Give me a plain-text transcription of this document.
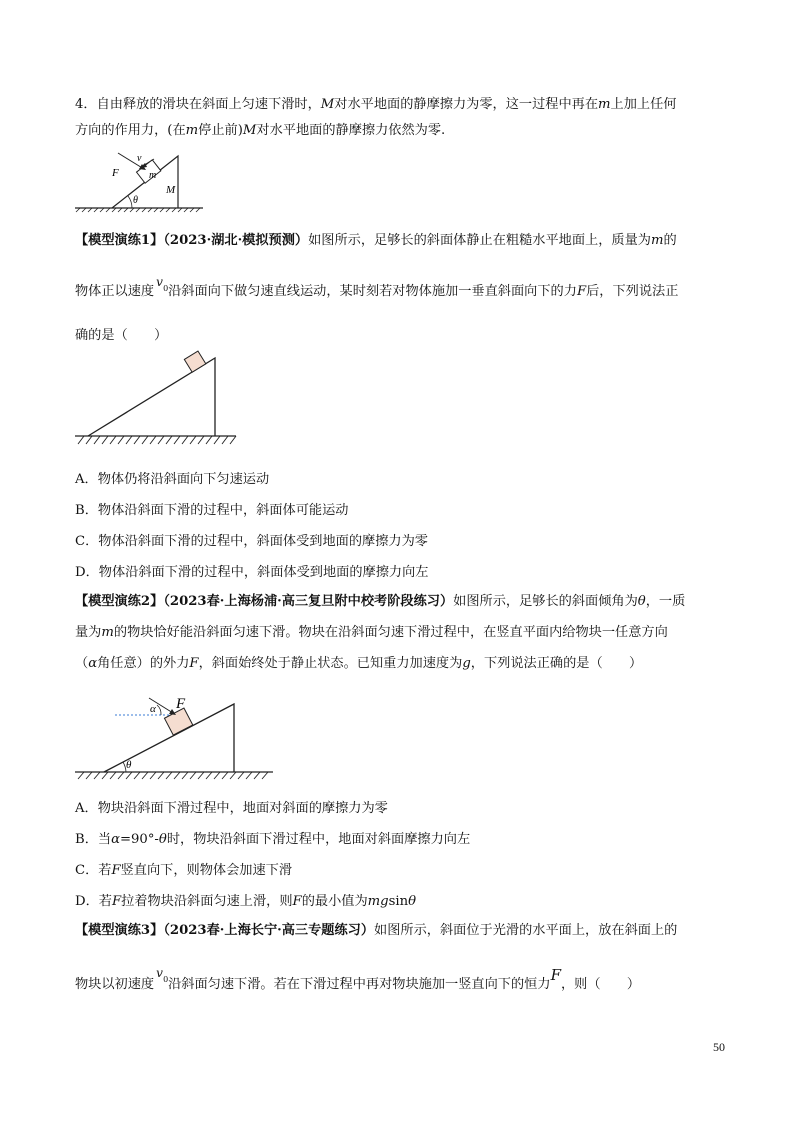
4．自由释放的滑块在斜面上匀速下滑时，M对水平地面的静摩擦力为零，这一过程中再在m上加上任何
方向的作用力，(在m停止前)M对水平地面的静摩擦力依然为零.
F
v
m
M
θ
【模型演练1】（2023·湖北·模拟预测）如图所示，足够长的斜面体静止在粗糙水平地面上，质量为m的
物体正以速度
v 0 沿斜面向下做匀速直线运动，某时刻若对物体施加一垂直斜面向下的力F后，下列说法正
确的是（　　）
A．物体仍将沿斜面向下匀速运动
B．物体沿斜面下滑的过程中，斜面体可能运动
C．物体沿斜面下滑的过程中，斜面体受到地面的摩擦力为零
D．物体沿斜面下滑的过程中，斜面体受到地面的摩擦力向左
【模型演练2】（2023春·上海杨浦·高三复旦附中校考阶段练习）如图所示，足够长的斜面倾角为θ，一质
量为m的物块恰好能沿斜面匀速下滑。物块在沿斜面匀速下滑过程中，在竖直平面内给物块一任意方向
（α角任意）的外力F，斜面始终处于静止状态。已知重力加速度为g，下列说法正确的是（　　）
F
α
θ
A．物块沿斜面下滑过程中，地面对斜面的摩擦力为零
B．当α=90°-θ时，物块沿斜面下滑过程中，地面对斜面摩擦力向左
C．若F竖直向下，则物体会加速下滑
D．若F拉着物块沿斜面匀速上滑，则F的最小值为mgsinθ
【模型演练3】（2023春·上海长宁·高三专题练习）如图所示，斜面位于光滑的水平面上，放在斜面上的
物块以初速度
v 0 沿斜面匀速下滑。若在下滑过程中再对物块施加一竖直向下的恒力F，则（　　）
50
